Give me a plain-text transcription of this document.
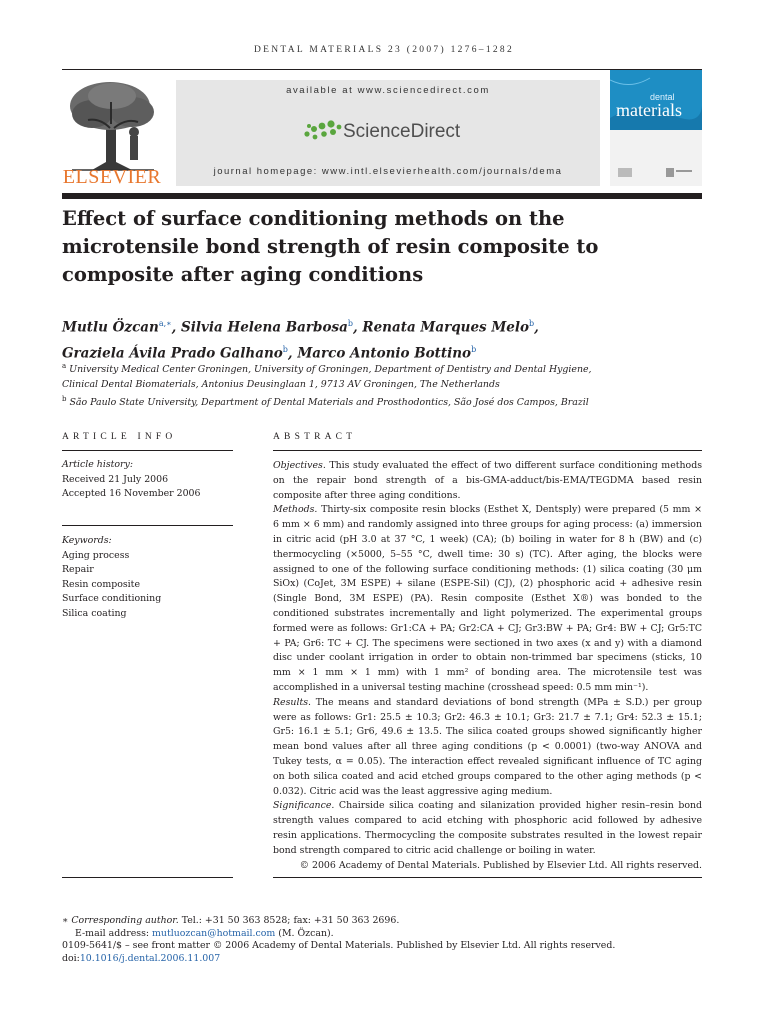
DENTAL MATERIALS 23 (2007) 1276–1282
ELSEVIER
available at www.sciencedirect.com
ScienceDirect
journal homepage: www.intl.elsevierhealth.com/journals/dema
dental
materials
Effect of surface conditioning methods on the microtensile bond strength of resin composite to composite after aging conditions
Mutlu Özcan$^{a,∗}$, Silvia Helena Barbosa$^b$, Renata Marques Melo$^b$,
Graziela Ávila Prado Galhano$^b$, Marco Antonio Bottino$^b$
$^a$ University Medical Center Groningen, University of Groningen, Department of Dentistry and Dental Hygiene,
Clinical Dental Biomaterials, Antonius Deusinglaan 1, 9713 AV Groningen, The Netherlands
$^b$ São Paulo State University, Department of Dental Materials and Prosthodontics, São José dos Campos, Brazil
ARTICLE INFO
Article history:
Received 21 July 2006
Accepted 16 November 2006
Keywords:
Aging process
Repair
Resin composite
Surface conditioning
Silica coating
ABSTRACT

Objectives. This study evaluated the effect of two different surface conditioning methods on the repair bond strength of a bis-GMA-adduct/bis-EMA/TEGDMA based resin composite after three aging conditions.

Methods. Thirty-six composite resin blocks (Esthet X, Dentsply) were prepared (5 mm × 6 mm × 6 mm) and randomly assigned into three groups for aging process: (a) immersion in citric acid (pH 3.0 at 37 °C, 1 week) (CA); (b) boiling in water for 8 h (BW) and (c) thermocycling (×5000, 5–55 °C, dwell time: 30 s) (TC). After aging, the blocks were assigned to one of the following surface conditioning methods: (1) silica coating (30 μm SiOx) (CoJet, 3M ESPE) + silane (ESPE-Sil) (CJ), (2) phosphoric acid + adhesive resin (Single Bond, 3M ESPE) (PA). Resin composite (Esthet X®) was bonded to the conditioned substrates incrementally and light polymerized. The experimental groups formed were as follows: Gr1:CA + PA; Gr2:CA + CJ; Gr3:BW + PA; Gr4: BW + CJ; Gr5:TC + PA; Gr6: TC + CJ. The specimens were sectioned in two axes (x and y) with a diamond disc under coolant irrigation in order to obtain non-trimmed bar specimens (sticks, 10 mm × 1 mm × 1 mm) with 1 mm² of bonding area. The microtensile test was accomplished in a universal testing machine (crosshead speed: 0.5 mm min⁻¹).

Results. The means and standard deviations of bond strength (MPa ± S.D.) per group were as follows: Gr1: 25.5 ± 10.3; Gr2: 46.3 ± 10.1; Gr3: 21.7 ± 7.1; Gr4: 52.3 ± 15.1; Gr5: 16.1 ± 5.1; Gr6, 49.6 ± 13.5. The silica coated groups showed significantly higher mean bond values after all three aging conditions (p < 0.0001) (two-way ANOVA and Tukey tests, α = 0.05). The interaction effect revealed significant influence of TC aging on both silica coated and acid etched groups compared to the other aging methods (p < 0.032). Citric acid was the least aggressive aging medium.

Significance. Chairside silica coating and silanization provided higher resin–resin bond strength values compared to acid etching with phosphoric acid followed by adhesive resin applications. Thermocycling the composite substrates resulted in the lowest repair bond strength compared to citric acid challenge or boiling in water.

© 2006 Academy of Dental Materials. Published by Elsevier Ltd. All rights reserved.

∗ Corresponding author. Tel.: +31 50 363 8528; fax: +31 50 363 2696.
E-mail address: mutluozcan@hotmail.com (M. Özcan).
0109-5641/$ – see front matter © 2006 Academy of Dental Materials. Published by Elsevier Ltd. All rights reserved.
doi:10.1016/j.dental.2006.11.007
